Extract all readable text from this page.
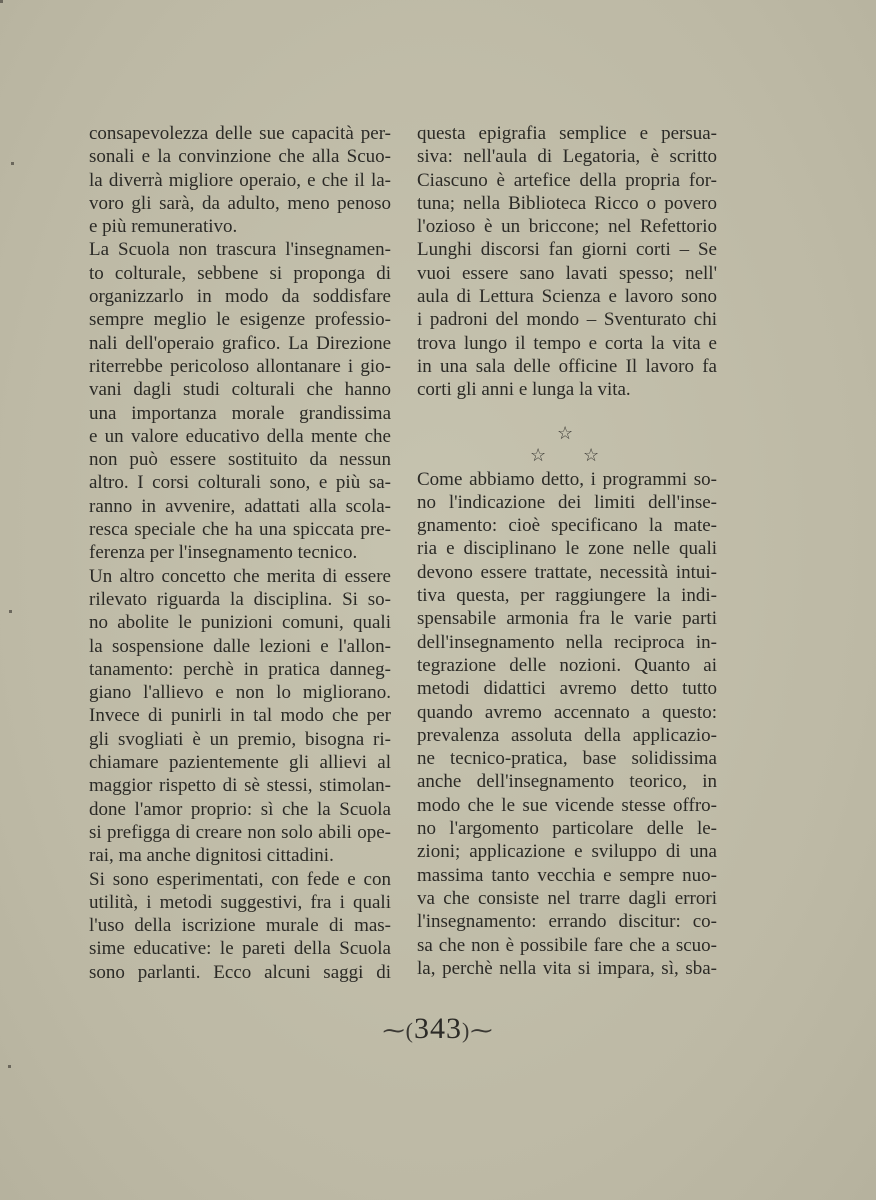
consapevolezza delle sue capacità per-
sonali e la convinzione che alla Scuo-
la diverrà migliore operaio, e che il la-
voro gli sarà, da adulto, meno penoso
e più remunerativo.
La Scuola non trascura l'insegnamen-
to colturale, sebbene si proponga di
organizzarlo in modo da soddisfare
sempre meglio le esigenze professio-
nali dell'operaio grafico. La Direzione
riterrebbe pericoloso allontanare i gio-
vani dagli studi colturali che hanno
una importanza morale grandissima
e un valore educativo della mente che
non può essere sostituito da nessun
altro. I corsi colturali sono, e più sa-
ranno in avvenire, adattati alla scola-
resca speciale che ha una spiccata pre-
ferenza per l'insegnamento tecnico.
Un altro concetto che merita di essere
rilevato riguarda la disciplina. Si so-
no abolite le punizioni comuni, quali
la sospensione dalle lezioni e l'allon-
tanamento: perchè in pratica danneg-
giano l'allievo e non lo migliorano.
Invece di punirli in tal modo che per
gli svogliati è un premio, bisogna ri-
chiamare pazientemente gli allievi al
maggior rispetto di sè stessi, stimolan-
done l'amor proprio: sì che la Scuola
si prefigga di creare non solo abili ope-
rai, ma anche dignitosi cittadini.
Si sono esperimentati, con fede e con
utilità, i metodi suggestivi, fra i quali
l'uso della iscrizione murale di mas-
sime educative: le pareti della Scuola
sono parlanti. Ecco alcuni saggi di
questa epigrafia semplice e persua-
siva: nell'aula di Legatoria, è scritto
Ciascuno è artefice della propria for-
tuna; nella Biblioteca Ricco o povero
l'ozioso è un briccone; nel Refettorio
Lunghi discorsi fan giorni corti – Se
vuoi essere sano lavati spesso; nell'
aula di Lettura Scienza e lavoro sono
i padroni del mondo – Sventurato chi
trova lungo il tempo e corta la vita e
in una sala delle officine Il lavoro fa
corti gli anni e lunga la vita.
Come abbiamo detto, i programmi so-
no l'indicazione dei limiti dell'inse-
gnamento: cioè specificano la mate-
ria e disciplinano le zone nelle quali
devono essere trattate, necessità intui-
tiva questa, per raggiungere la indi-
spensabile armonia fra le varie parti
dell'insegnamento nella reciproca in-
tegrazione delle nozioni. Quanto ai
metodi didattici avremo detto tutto
quando avremo accennato a questo:
prevalenza assoluta della applicazio-
ne tecnico-pratica, base solidissima
anche dell'insegnamento teorico, in
modo che le sue vicende stesse offro-
no l'argomento particolare delle le-
zioni; applicazione e sviluppo di una
massima tanto vecchia e sempre nuo-
va che consiste nel trarre dagli errori
l'insegnamento: errando discitur: co-
sa che non è possibile fare che a scuo-
la, perchè nella vita si impara, sì, sba-
☆
☆ ☆
⁓(343)⁓
